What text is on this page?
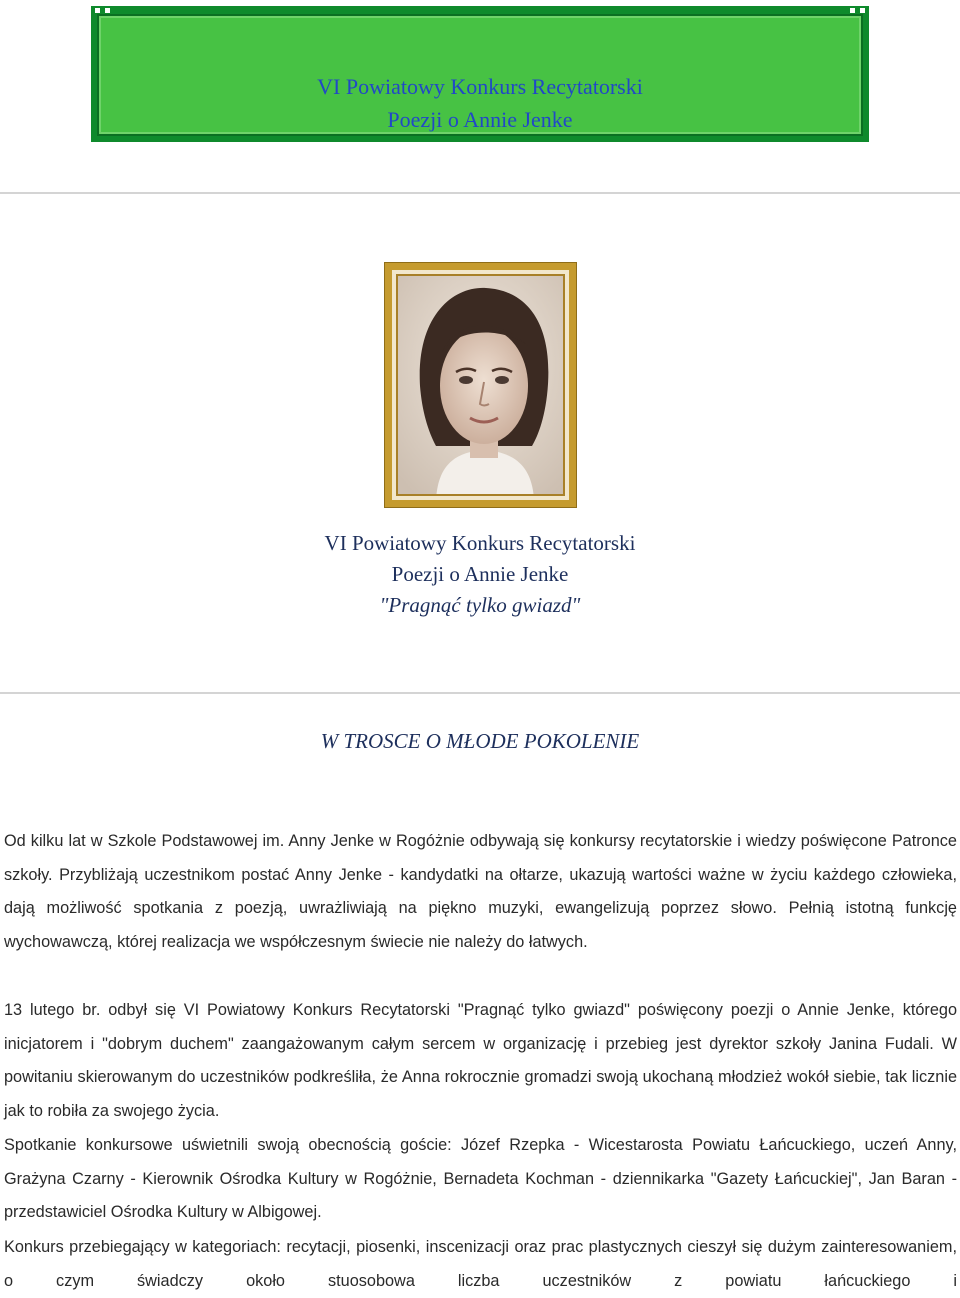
VI Powiatowy Konkurs Recytatorski
Poezji o Annie Jenke
VI Powiatowy Konkurs Recytatorski
Poezji o Annie Jenke
"Pragnąć tylko gwiazd"
W TROSCE O MŁODE POKOLENIE

Od kilku lat w Szkole Podstawowej im. Anny Jenke w Rogóżnie odbywają się konkursy recytatorskie i wiedzy poświęcone Patronce szkoły. Przybliżają uczestnikom postać Anny Jenke - kandydatki na ołtarze, ukazują wartości ważne w życiu każdego człowieka, dają możliwość spotkania z poezją, uwrażliwiają na piękno muzyki, ewangelizują poprzez słowo. Pełnią istotną funkcję wychowawczą, której realizacja we współczesnym świecie nie należy do łatwych.

13 lutego br. odbył się VI Powiatowy Konkurs Recytatorski "Pragnąć tylko gwiazd" poświęcony poezji o Annie Jenke, którego inicjatorem i "dobrym duchem" zaangażowanym całym sercem w organizację i przebieg jest dyrektor szkoły Janina Fudali. W powitaniu skierowanym do uczestników podkreśliła, że Anna rokrocznie gromadzi swoją ukochaną młodzież wokół siebie, tak licznie jak to robiła za swojego życia.

Spotkanie konkursowe uświetnili swoją obecnością goście: Józef Rzepka - Wicestarosta Powiatu Łańcuckiego, uczeń Anny, Grażyna Czarny - Kierownik Ośrodka Kultury w Rogóżnie, Bernadeta Kochman - dziennikarka "Gazety Łańcuckiej", Jan Baran - przedstawiciel Ośrodka Kultury w Albigowej.

Konkurs przebiegający w kategoriach: recytacji, piosenki, inscenizacji oraz prac plastycznych cieszył się dużym zainteresowaniem, o czym świadczy około stuosobowa liczba uczestników z powiatu łańcuckiego i
